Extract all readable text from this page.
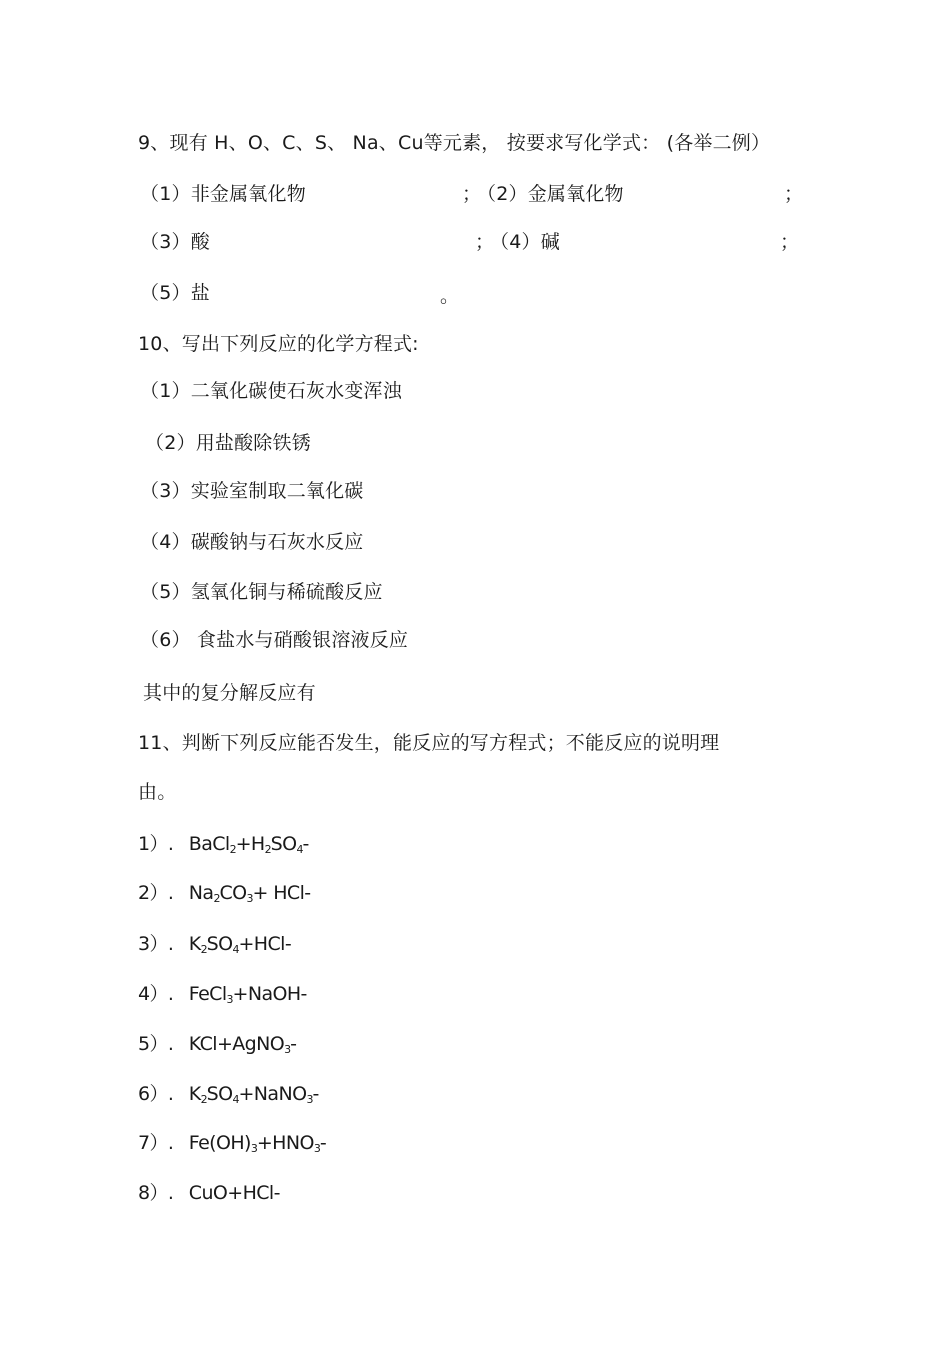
9、现有 H、O、C、S、 Na、Cu等元素， 按要求写化学式： (各举二例）
（1）非金属氧化物	；
（2）金属氧化物	；
（3）酸	；
（4）碱	；
（5）盐	。
10、写出下列反应的化学方程式:
（1）二氧化碳使石灰水变浑浊
（2）用盐酸除铁锈
（3）实验室制取二氧化碳
（4）碳酸钠与石灰水反应
（5）氢氧化铜与稀硫酸反应
（6） 食盐水与硝酸银溶液反应
其中的复分解反应有
11、判断下列反应能否发生，能反应的写方程式；不能反应的说明理
由。
1）. $BaCl_2+H_2SO_4-$
2）. $Na_2CO_3+ HCl-$
3）. $K_2SO_4+HCl-$
4）. FeCl$_3$+NaOH-
5）. KCl+AgNO$_3$-
6）. $K_2SO_4+NaNO_3-$
7）. $Fe(OH)_3+HNO_3-$
8）. CuO+HCl-
